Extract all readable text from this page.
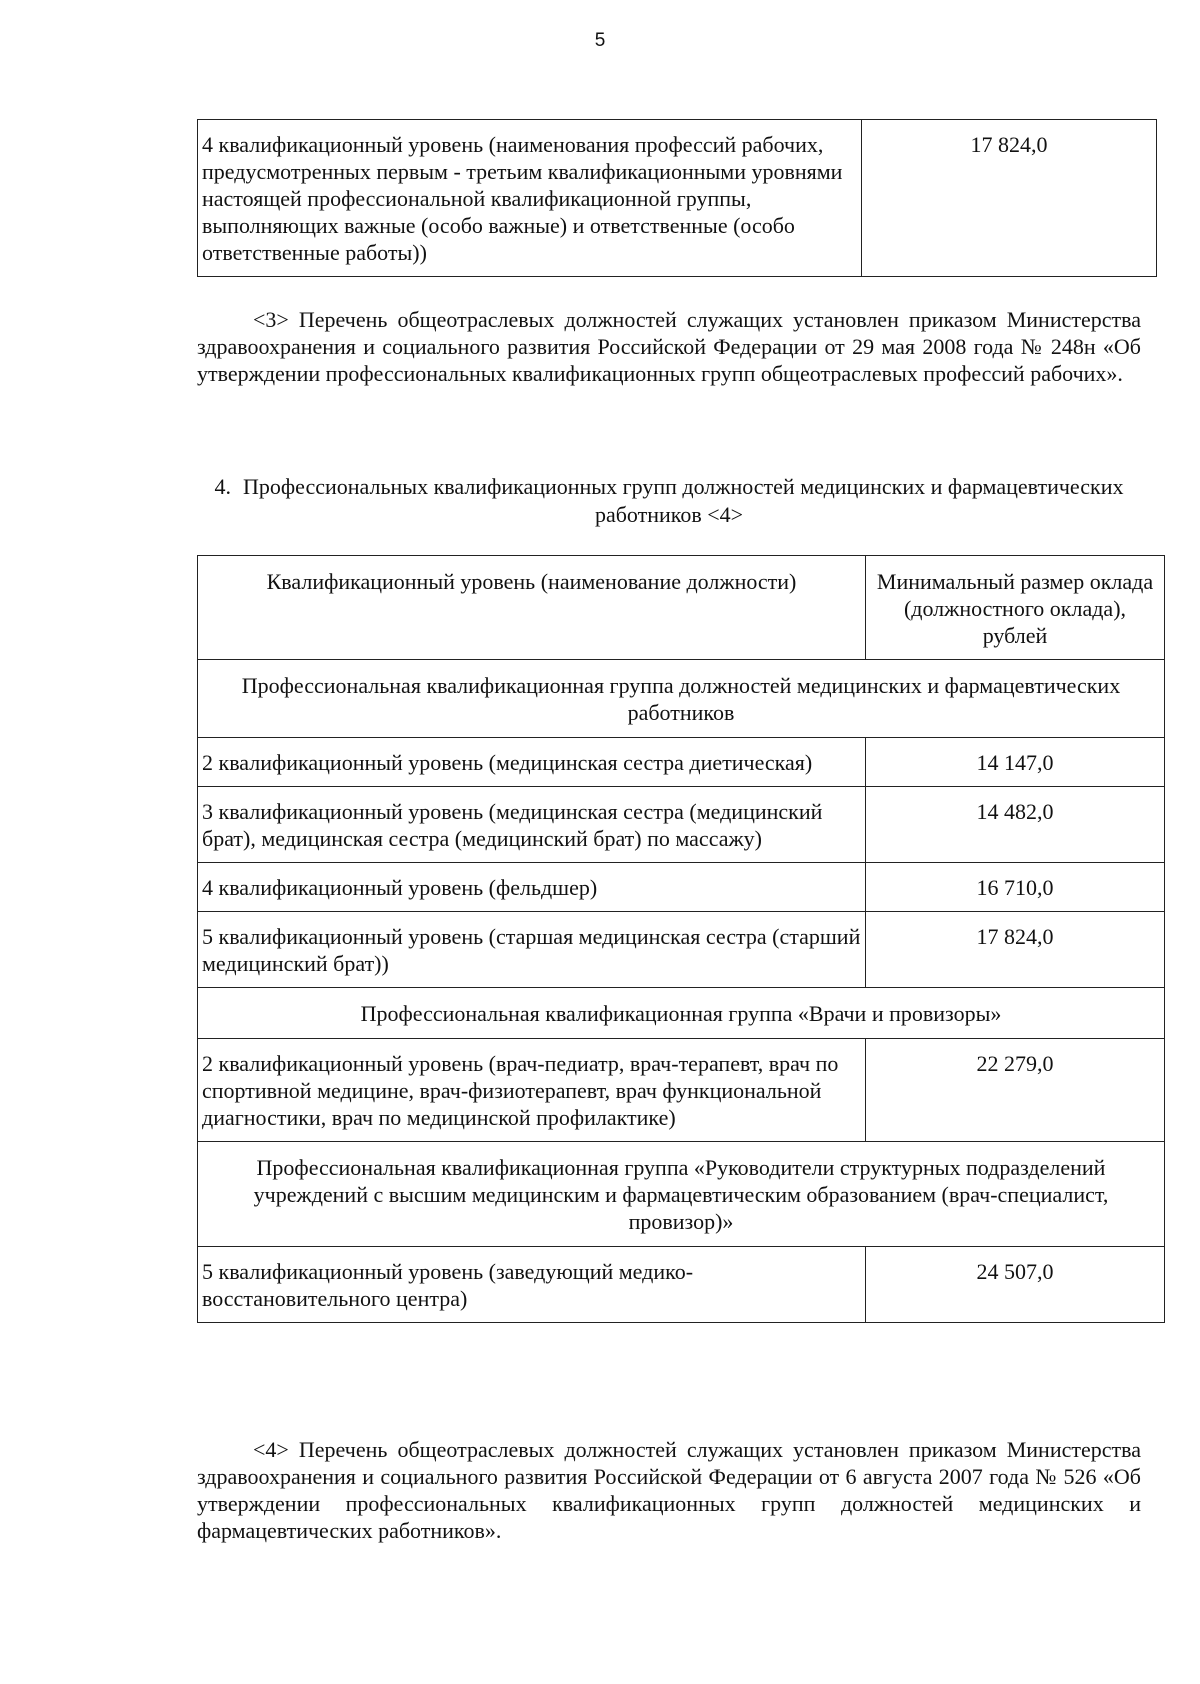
5
4 квалификационный уровень (наименования профессий рабочих, предусмотренных первым - третьим квалификационными уровнями настоящей профессиональной квалификационной группы, выполняющих важные (особо важные) и ответственные (особо ответственные работы))	17 824,0

<3> Перечень общеотраслевых должностей служащих установлен приказом Министерства здравоохранения и социального развития Российской Федерации от 29 мая 2008 года № 248н «Об утверждении профессиональных квалификационных групп общеотраслевых профессий рабочих».

4. Профессиональных квалификационных групп должностей медицинских и фармацевтических работников <4>
Квалификационный уровень (наименование должности)	Минимальный размер оклада (должностного оклада), рублей
Профессиональная квалификационная группа должностей медицинских и фармацевтических работников	
2 квалификационный уровень (медицинская сестра диетическая)	14 147,0
3 квалификационный уровень (медицинская сестра (медицинский брат), медицинская сестра (медицинский брат) по массажу)	14 482,0
4 квалификационный уровень (фельдшер)	16 710,0
5 квалификационный уровень (старшая медицинская сестра (старший медицинский брат))	17 824,0
Профессиональная квалификационная группа «Врачи и провизоры»	
2 квалификационный уровень (врач-педиатр, врач-терапевт, врач по спортивной медицине, врач-физиотерапевт, врач функциональной диагностики, врач по медицинской профилактике)	22 279,0
Профессиональная квалификационная группа «Руководители структурных подразделений учреждений с высшим медицинским и фармацевтическим образованием (врач-специалист, провизор)»	
5 квалификационный уровень (заведующий медико-восстановительного центра)	24 507,0

<4> Перечень общеотраслевых должностей служащих установлен приказом Министерства здравоохранения и социального развития Российской Федерации от 6 августа 2007 года № 526 «Об утверждении профессиональных квалификационных групп должностей медицинских и фармацевтических работников».
